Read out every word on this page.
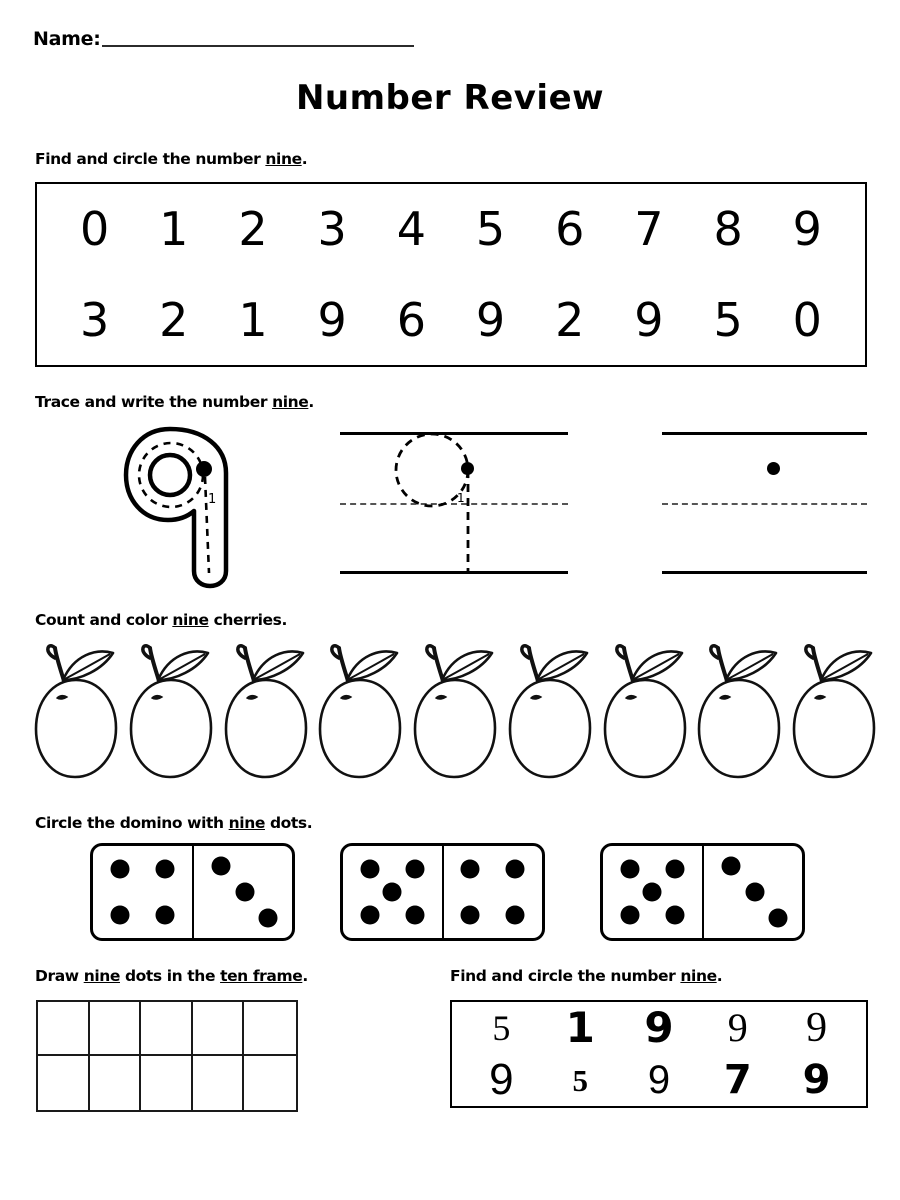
Name:
Number Review
Find and circle the number nine.
0 1 2 3 4 5 6 7 8 9
3 2 1 9 6 9 2 9 5 0
Trace and write the number nine.
1	1
Count and color nine cherries.
Circle the domino with nine dots.
Draw nine dots in the ten frame.	Find and circle the number nine.
5	1	9	9	9
9	5	9	7	9
